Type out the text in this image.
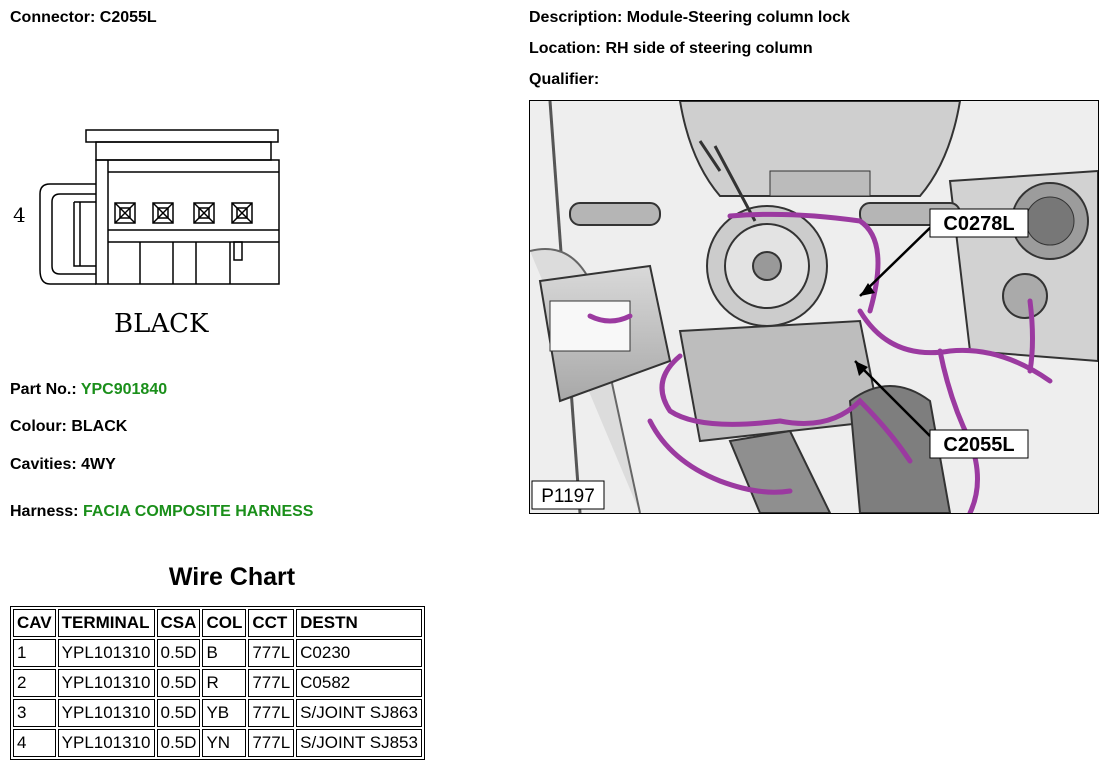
Connector: C2055L	Description: Module-Steering column lock
Location: RH side of steering column
Qualifier:
4
BLACK
Part No.: YPC901840
Colour: BLACK
Cavities: 4WY
Harness: FACIA COMPOSITE HARNESS
C0278L
C2055L
P1197
Wire Chart
CAV	TERMINAL	CSA	COL	CCT	DESTN
1	YPL101310	0.5D	B	777L	C0230
2	YPL101310	0.5D	R	777L	C0582
3	YPL101310	0.5D	YB	777L	S/JOINT SJ863
4	YPL101310	0.5D	YN	777L	S/JOINT SJ853
